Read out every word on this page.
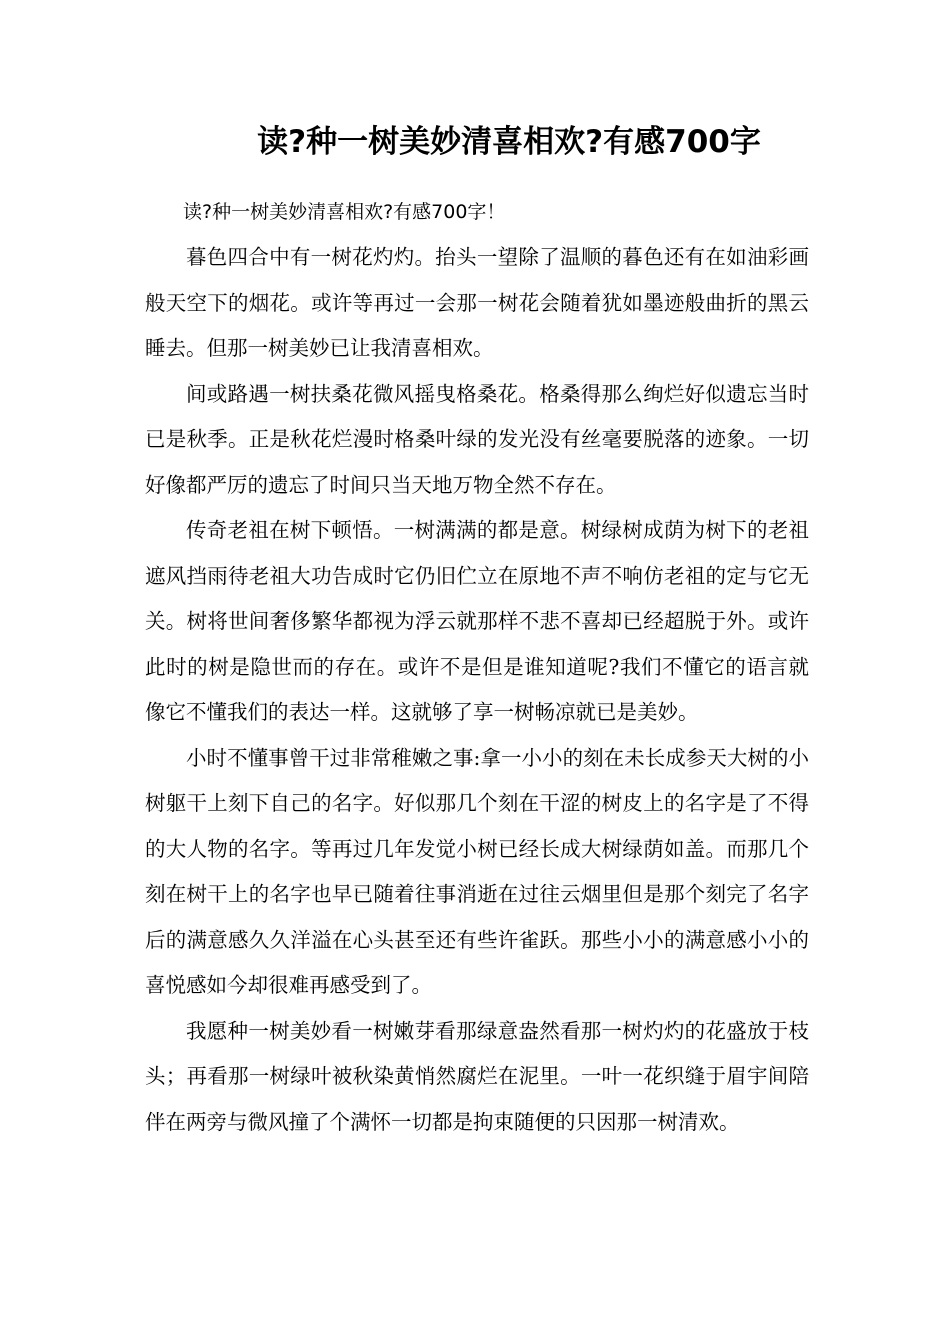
读?种一树美妙清喜相欢?有感700字

读?种一树美妙清喜相欢?有感700字！

暮色四合中有一树花灼灼。抬头一望除了温顺的暮色还有在如油彩画般天空下的烟花。或许等再过一会那一树花会随着犹如墨迹般曲折的黑云睡去。但那一树美妙已让我清喜相欢。

间或路遇一树扶桑花微风摇曳格桑花。格桑得那么绚烂好似遗忘当时已是秋季。正是秋花烂漫时格桑叶绿的发光没有丝毫要脱落的迹象。一切好像都严厉的遗忘了时间只当天地万物全然不存在。

传奇老祖在树下顿悟。一树满满的都是意。树绿树成荫为树下的老祖遮风挡雨待老祖大功告成时它仍旧伫立在原地不声不响仿老祖的定与它无关。树将世间奢侈繁华都视为浮云就那样不悲不喜却已经超脱于外。或许此时的树是隐世而的存在。或许不是但是谁知道呢?我们不懂它的语言就像它不懂我们的表达一样。这就够了享一树畅凉就已是美妙。

小时不懂事曾干过非常稚嫩之事:拿一小小的刻在未长成参天大树的小树躯干上刻下自己的名字。好似那几个刻在干涩的树皮上的名字是了不得的大人物的名字。等再过几年发觉小树已经长成大树绿荫如盖。而那几个刻在树干上的名字也早已随着往事消逝在过往云烟里但是那个刻完了名字后的满意感久久洋溢在心头甚至还有些许雀跃。那些小小的满意感小小的喜悦感如今却很难再感受到了。

我愿种一树美妙看一树嫩芽看那绿意盎然看那一树灼灼的花盛放于枝头；再看那一树绿叶被秋染黄悄然腐烂在泥里。一叶一花织缝于眉宇间陪伴在两旁与微风撞了个满怀一切都是拘束随便的只因那一树清欢。
